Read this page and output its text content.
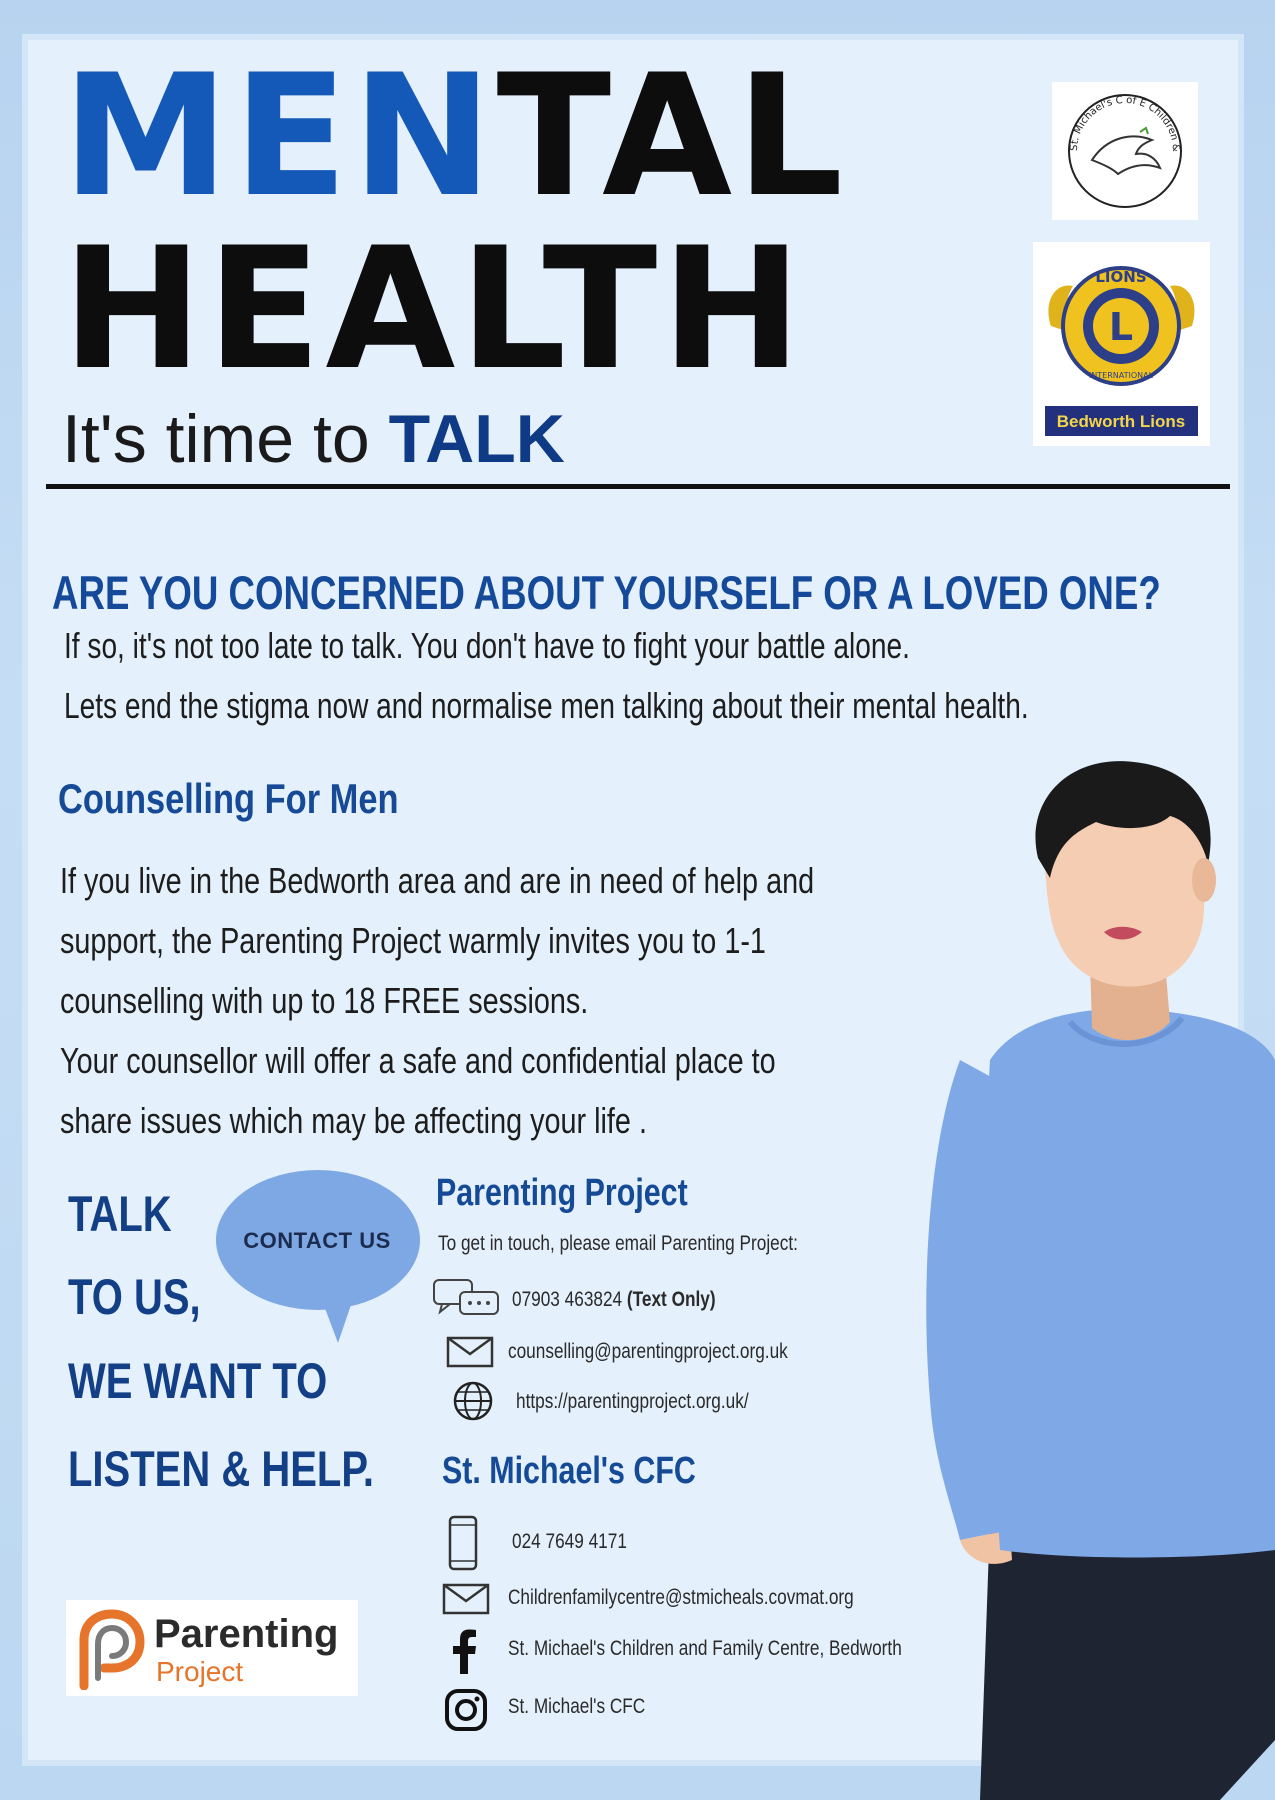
MENTAL
HEALTH
It's time to TALK
St. Michael's C of E Children &
L
LIONS
INTERNATIONAL
Bedworth Lions
ARE YOU CONCERNED ABOUT YOURSELF OR A LOVED ONE?
If so, it's not too late to talk. You don't have to fight your battle alone.
Lets end the stigma now and normalise men talking about their mental health.
Counselling For Men
If you live in the Bedworth area and are in need of help and
support, the Parenting Project warmly invites you to 1-1
counselling with up to 18 FREE sessions.
Your counsellor will offer a safe and confidential place to
share issues which may be affecting your life .
TALK
TO US,
WE WANT TO
LISTEN & HELP.
CONTACT US
Parenting Project
To get in touch, please email Parenting Project:
07903 463824 (Text Only)
counselling@parentingproject.org.uk
https://parentingproject.org.uk/
St. Michael's CFC
024 7649 4171
Childrenfamilycentre@stmicheals.covmat.org
St. Michael's Children and Family Centre, Bedworth
St. Michael's CFC
Parenting
Project
